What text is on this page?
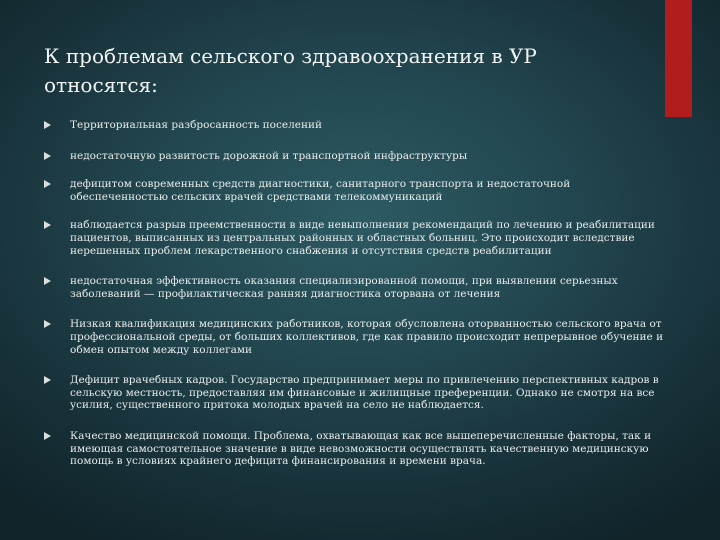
К проблемам сельского здравоохранения в УР относятся:
Территориальная разбросанность поселений
недостаточную развитость дорожной и транспортной инфраструктуры
дефицитом современных средств диагностики, санитарного транспорта и недостаточной обеспеченностью сельских врачей средствами телекоммуникаций
наблюдается разрыв преемственности в виде невыполнения рекомендаций по лечению и реабилитации пациентов, выписанных из центральных районных и областных больниц. Это происходит вследствие нерешенных проблем лекарственного снабжения и отсутствия средств реабилитации
недостаточная эффективность оказания специализированной помощи, при выявлении серьезных заболеваний — профилактическая ранняя диагностика оторвана от лечения
Низкая квалификация медицинских работников, которая обусловлена оторванностью сельского врача от профессиональной среды, от больших коллективов, где как правило происходит непрерывное обучение и обмен опытом между коллегами
Дефицит врачебных кадров. Государство предпринимает меры по привлечению перспективных кадров в сельскую местность, предоставляя им финансовые и жилищные преференции. Однако не смотря на все усилия, существенного притока молодых врачей на село не наблюдается.
Качество медицинской помощи. Проблема, охватывающая как все вышеперечисленные факторы, так и имеющая самостоятельное значение в виде невозможности осуществлять качественную медицинскую помощь в условиях крайнего дефицита финансирования и времени врача.
